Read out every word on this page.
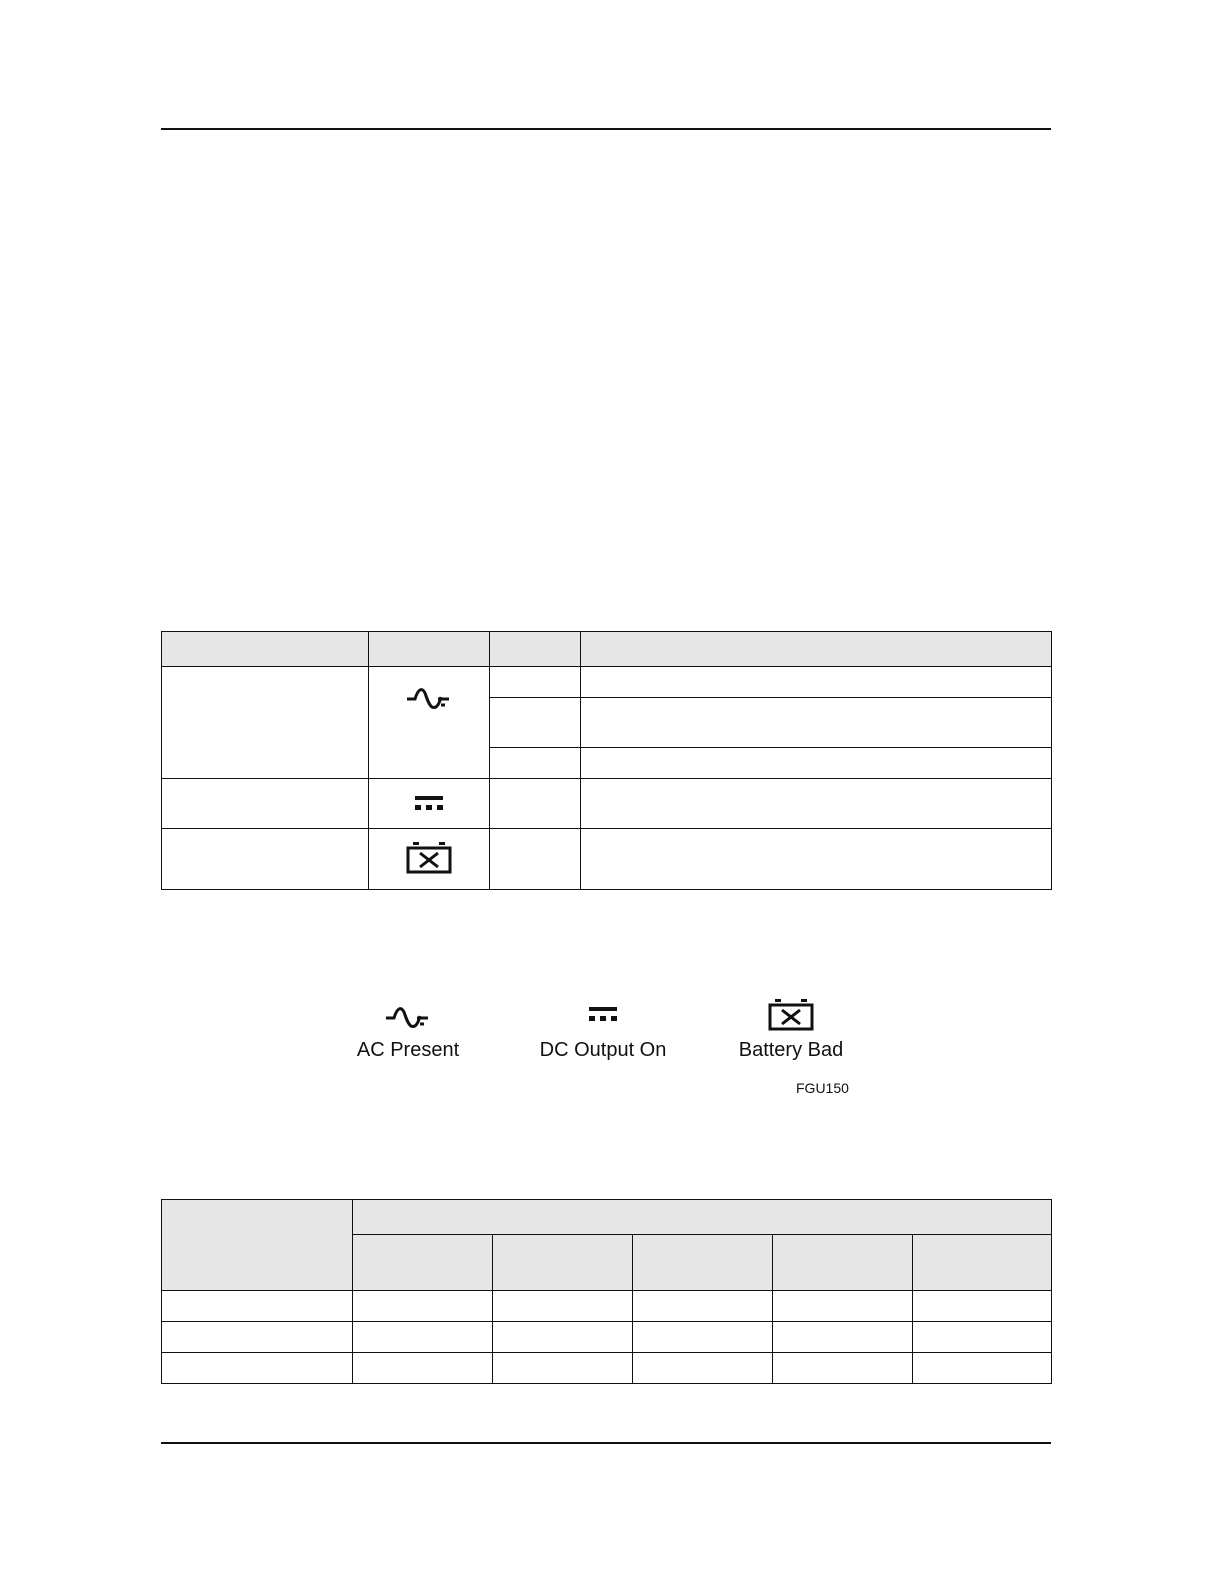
AC Present	DC Output On	Battery Bad
FGU150
